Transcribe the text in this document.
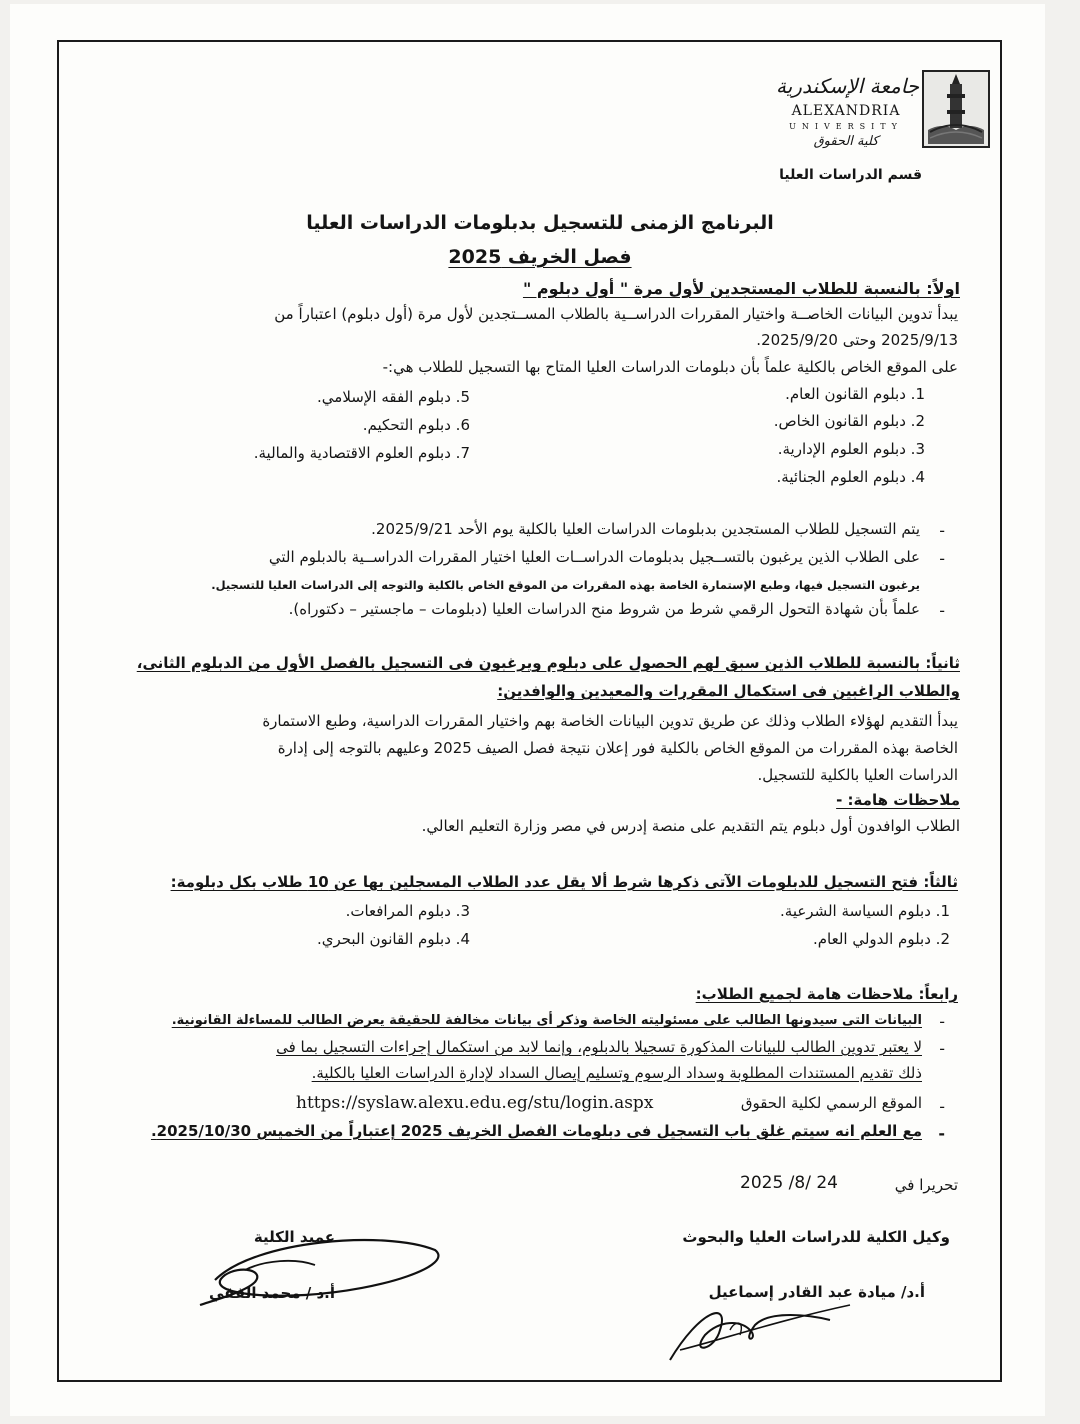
جامعة الإسكندرية
ALEXANDRIA
UNIVERSITY
كلية الحقوق
قسم الدراسات العليا
البرنامج الزمنى للتسجيل بدبلومات الدراسات العليا
فصل الخريف 2025
اولاً: بالنسبة للطلاب المستجدين لأول مرة " أول دبلوم "
يبدأ تدوين البيانات الخاصــة واختيار المقررات الدراســية بالطلاب المســتجدين لأول مرة (أول دبلوم) اعتباراً من
2025/9/13 وحتى 2025/9/20.
على الموقع الخاص بالكلية علماً بأن دبلومات الدراسات العليا المتاح بها التسجيل للطلاب هي:-
1. دبلوم القانون العام.
2. دبلوم القانون الخاص.
3. دبلوم العلوم الإدارية.
4. دبلوم العلوم الجنائية.
5. دبلوم الفقه الإسلامي.
6. دبلوم التحكيم.
7. دبلوم العلوم الاقتصادية والمالية.
-
يتم التسجيل للطلاب المستجدين بدبلومات الدراسات العليا بالكلية يوم الأحد 2025/9/21.
-
على الطلاب الذين يرغبون بالتســجيل بدبلومات الدراســات العليا اختيار المقررات الدراســية بالدبلوم التي
يرغبون التسجيل فيها، وطبع الإستمارة الخاصة بهذه المقررات من الموقع الخاص بالكلية والتوجه إلى الدراسات العليا للتسجيل.
-
علماً بأن شهادة التحول الرقمي شرط من شروط منح الدراسات العليا (دبلومات – ماجستير – دكتوراه).
ثانياً: بالنسبة للطلاب الذين سبق لهم الحصول على دبلوم ويرغبون فى التسجيل بالفصل الأول من الدبلوم الثانى،
والطلاب الراغبين فى استكمال المقررات والمعيدين والوافدين:
يبدأ التقديم لهؤلاء الطلاب وذلك عن طريق تدوين البيانات الخاصة بهم واختيار المقررات الدراسية، وطبع الاستمارة
الخاصة بهذه المقررات من الموقع الخاص بالكلية فور إعلان نتيجة فصل الصيف 2025 وعليهم بالتوجه إلى إدارة
الدراسات العليا بالكلية للتسجيل.
ملاحظات هامة: -
الطلاب الوافدون أول دبلوم يتم التقديم على منصة إدرس في مصر وزارة التعليم العالي.
ثالثاً: فتح التسجيل للدبلومات الآتى ذكرها شرط ألا يقل عدد الطلاب المسجلين بها عن 10 طلاب بكل دبلومة:
1. دبلوم السياسة الشرعية.
2. دبلوم الدولي العام.
3. دبلوم المرافعات.
4. دبلوم القانون البحري.
رابعاً: ملاحظات هامة لجميع الطلاب:
-
البيانات التى سيدونها الطالب على مسئوليته الخاصة وذكر أى بيانات مخالفة للحقيقة يعرض الطالب للمساءلة القانونية.
-
لا يعتبر تدوين الطالب للبيانات المذكورة تسجيلا بالدبلوم، وإنما لابد من استكمال إجراءات التسجيل بما فى
ذلك تقديم المستندات المطلوبة وسداد الرسوم وتسليم إيصال السداد لإدارة الدراسات العليا بالكلية.
-
الموقع الرسمي لكلية الحقوق
https://syslaw.alexu.edu.eg/stu/login.aspx
-
مع العلم انه سيتم غلق باب التسجيل فى دبلومات الفصل الخريف 2025 إعتباراً من الخميس 2025/10/30.
تحريرا في
2025 /8/ 24
وكيل الكلية للدراسات العليا والبحوث
أ.د/ ميادة عبد القادر إسماعيل
عميد الكلية
أ.د / محمد الفقي
